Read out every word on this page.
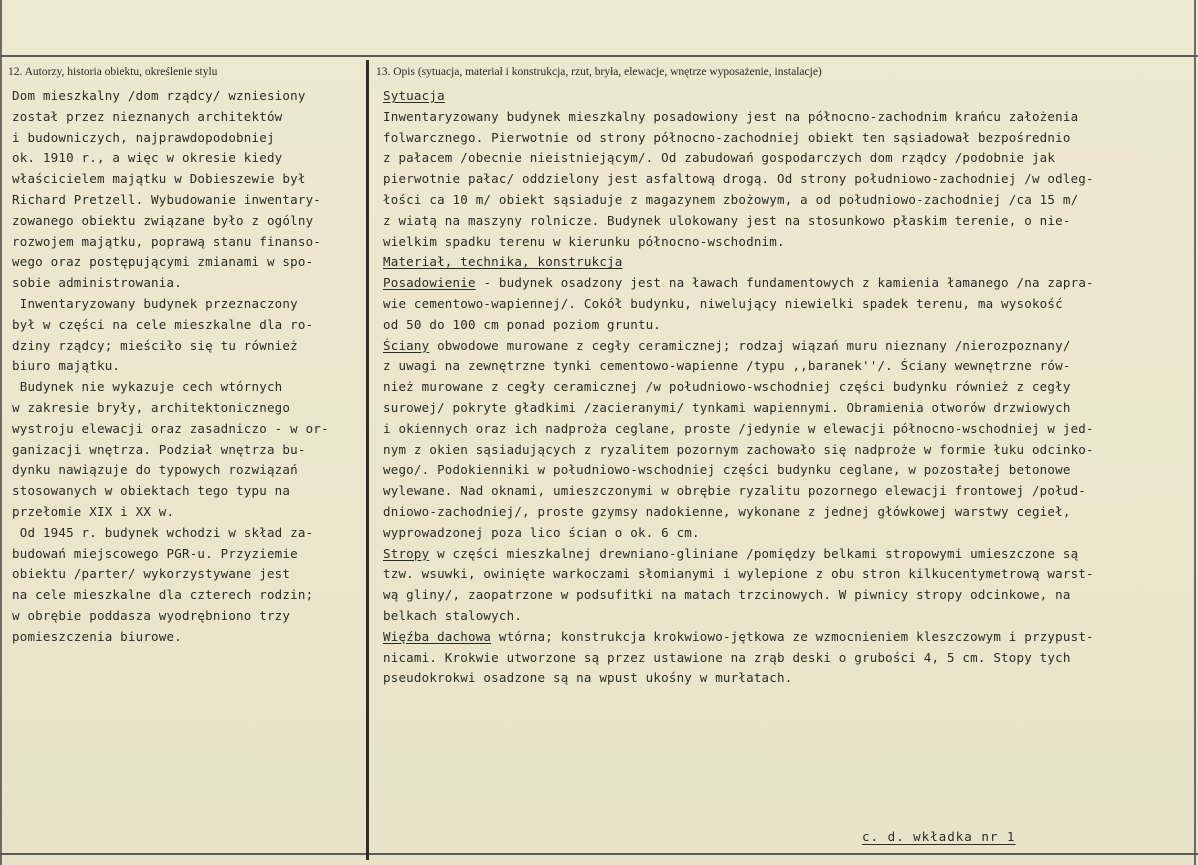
12. Autorzy, historia obiektu, określenie stylu	13. Opis (sytuacja, materiał i konstrukcja, rzut, bryła, elewacje, wnętrze wyposażenie, instalacje)
Dom mieszkalny /dom rządcy/ wzniesiony
został przez nieznanych architektów
i budowniczych, najprawdopodobniej
ok. 1910 r., a więc w okresie kiedy
właścicielem majątku w Dobieszewie był
Richard Pretzell. Wybudowanie inwentary-
zowanego obiektu związane było z ogólny
rozwojem majątku, poprawą stanu finanso-
wego oraz postępującymi zmianami w spo-
sobie administrowania.
Inwentaryzowany budynek przeznaczony
był w części na cele mieszkalne dla ro-
dziny rządcy; mieściło się tu również
biuro majątku.
Budynek nie wykazuje cech wtórnych
w zakresie bryły, architektonicznego
wystroju elewacji oraz zasadniczo - w or-
ganizacji wnętrza. Podział wnętrza bu-
dynku nawiązuje do typowych rozwiązań
stosowanych w obiektach tego typu na
przełomie XIX i XX w.
Od 1945 r. budynek wchodzi w skład za-
budowań miejscowego PGR-u. Przyziemie
obiektu /parter/ wykorzystywane jest
na cele mieszkalne dla czterech rodzin;
w obrębie poddasza wyodrębniono trzy
pomieszczenia biurowe.
Sytuacja
Inwentaryzowany budynek mieszkalny posadowiony jest na północno-zachodnim krańcu założenia
folwarcznego. Pierwotnie od strony północno-zachodniej obiekt ten sąsiadował bezpośrednio
z pałacem /obecnie nieistniejącym/. Od zabudowań gospodarczych dom rządcy /podobnie jak
pierwotnie pałac/ oddzielony jest asfaltową drogą. Od strony południowo-zachodniej /w odleg-
łości ca 10 m/ obiekt sąsiaduje z magazynem zbożowym, a od południowo-zachodniej /ca 15 m/
z wiatą na maszyny rolnicze. Budynek ulokowany jest na stosunkowo płaskim terenie, o nie-
wielkim spadku terenu w kierunku północno-wschodnim.
Materiał, technika, konstrukcja
Posadowienie - budynek osadzony jest na ławach fundamentowych z kamienia łamanego /na zapra-
wie cementowo-wapiennej/. Cokół budynku, niwelujący niewielki spadek terenu, ma wysokość
od 50 do 100 cm ponad poziom gruntu.
Ściany obwodowe murowane z cegły ceramicznej; rodzaj wiązań muru nieznany /nierozpoznany/
z uwagi na zewnętrzne tynki cementowo-wapienne /typu ,,baranek''/. Ściany wewnętrzne rów-
nież murowane z cegły ceramicznej /w południowo-wschodniej części budynku również z cegły
surowej/ pokryte gładkimi /zacieranymi/ tynkami wapiennymi. Obramienia otworów drzwiowych
i okiennych oraz ich nadproża ceglane, proste /jedynie w elewacji północno-wschodniej w jed-
nym z okien sąsiadujących z ryzalitem pozornym zachowało się nadproże w formie łuku odcinko-
wego/. Podokienniki w południowo-wschodniej części budynku ceglane, w pozostałej betonowe
wylewane. Nad oknami, umieszczonymi w obrębie ryzalitu pozornego elewacji frontowej /połud-
dniowo-zachodniej/, proste gzymsy nadokienne, wykonane z jednej główkowej warstwy cegieł,
wyprowadzonej poza lico ścian o ok. 6 cm.
Stropy w części mieszkalnej drewniano-gliniane /pomiędzy belkami stropowymi umieszczone są
tzw. wsuwki, owinięte warkoczami słomianymi i wylepione z obu stron kilkucentymetrową warst-
wą gliny/, zaopatrzone w podsufitki na matach trzcinowych. W piwnicy stropy odcinkowe, na
belkach stalowych.
Więźba dachowa wtórna; konstrukcja krokwiowo-jętkowa ze wzmocnieniem kleszczowym i przypust-
nicami. Krokwie utworzone są przez ustawione na zrąb deski o grubości 4, 5 cm. Stopy tych
pseudokrokwi osadzone są na wpust ukośny w murłatach.
c. d. wkładka nr 1
